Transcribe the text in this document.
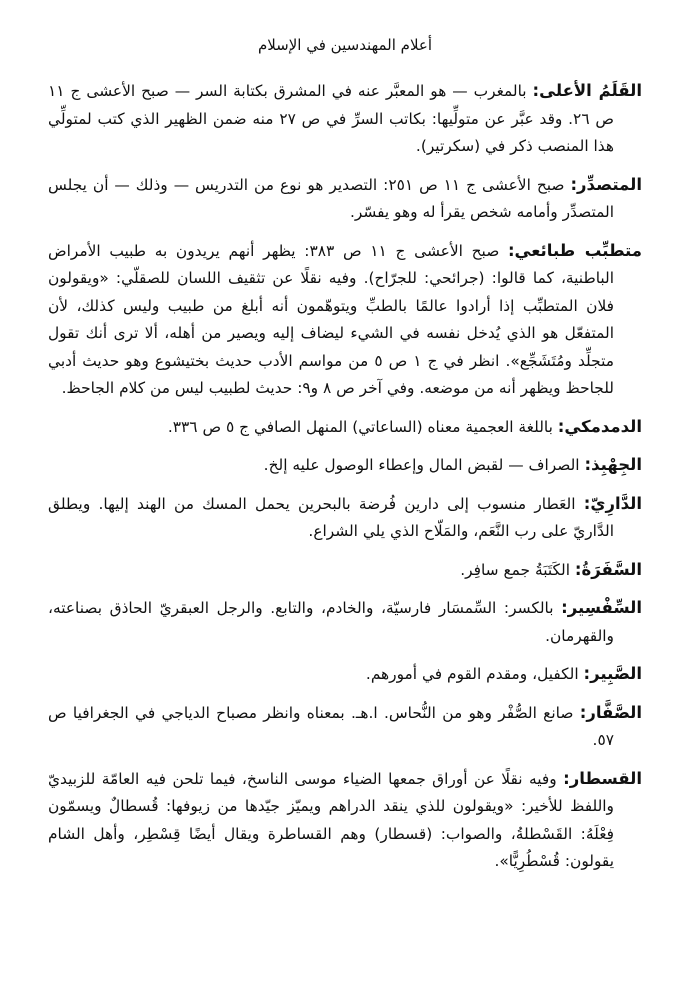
أعلام المهندسين في الإسلام

القَلَمُ الأعلى: بالمغرب — هو المعبَّر عنه في المشرق بكتابة السر — صبح الأعشى ج ١١ ص ٢٦. وقد عبَّر عن متولِّيها: بكاتب السرِّ في ص ٢٧ منه ضمن الظهير الذي كتب لمتولِّي هذا المنصب ذكر في (سكرتير).

المتصدِّر: صبح الأعشى ج ١١ ص ٢٥١: التصدير هو نوع من التدريس — وذلك — أن يجلس المتصدِّر وأمامه شخص يقرأ له وهو يفسّر.

متطبِّب طبائعي: صبح الأعشى ج ١١ ص ٣٨٣: يظهر أنهم يريدون به طبيب الأمراض الباطنية، كما قالوا: (جرائحي: للجرّاح). وفيه نقلًا عن تثقيف اللسان للصقلّي: «ويقولون فلان المتطبِّب إذا أرادوا عالمًا بالطبِّ ويتوهّمون أنه أبلغ من طبيب وليس كذلك، لأن المتفعّل هو الذي يُدخل نفسه في الشيء ليضاف إليه ويصير من أهله، ألا ترى أنك تقول متجلِّد ومُتَشَجِّع». انظر في ج ١ ص ٥ من مواسم الأدب حديث بختيشوع وهو حديث أدبي للجاحظ ويظهر أنه من موضعه. وفي آخر ص ٨ و٩: حديث لطبيب ليس من كلام الجاحظ.

الدمدمكي: باللغة العجمية معناه (الساعاتي) المنهل الصافي ج ٥ ص ٣٣٦.

الجِهْبِذ: الصراف — لقبض المال وإعطاء الوصول عليه إلخ.

الدَّارِيّ: العَطار منسوب إلى دارين فُرضة بالبحرين يحمل المسك من الهند إليها. ويطلق الدَّاريّ على رب النَّعَم، والمَلّاح الذي يلي الشراع.

السَّفَرَةُ: الكَتَبَةُ جمع سافِر.

السِّفْسِير: بالكسر: السِّمسَار فارسيّة، والخادم، والتابع. والرجل العبقريّ الحاذق بصناعته، والقهرمان.

الصَّبِير: الكفيل، ومقدم القوم في أمورهم.

الصَّفَّار: صانع الصُّفْر وهو من النُّحاس. ا.هـ. بمعناه وانظر مصباح الدياجي في الجغرافيا ص ٥٧.

القسطار: وفيه نقلًا عن أوراق جمعها الضياء موسى الناسخ، فيما تلحن فيه العامّة للزبيديّ واللفظ للأخير: «ويقولون للذي ينقد الدراهم ويميّز جيّدها من زيوفها: قُسطالٌ ويسمّون فِعْلَهُ: القَسْطلةُ، والصواب: (قسطار) وهم القساطرة ويقال أيضًا قِسْطِر، وأهل الشام يقولون: قُسْطُرِيًّا».
